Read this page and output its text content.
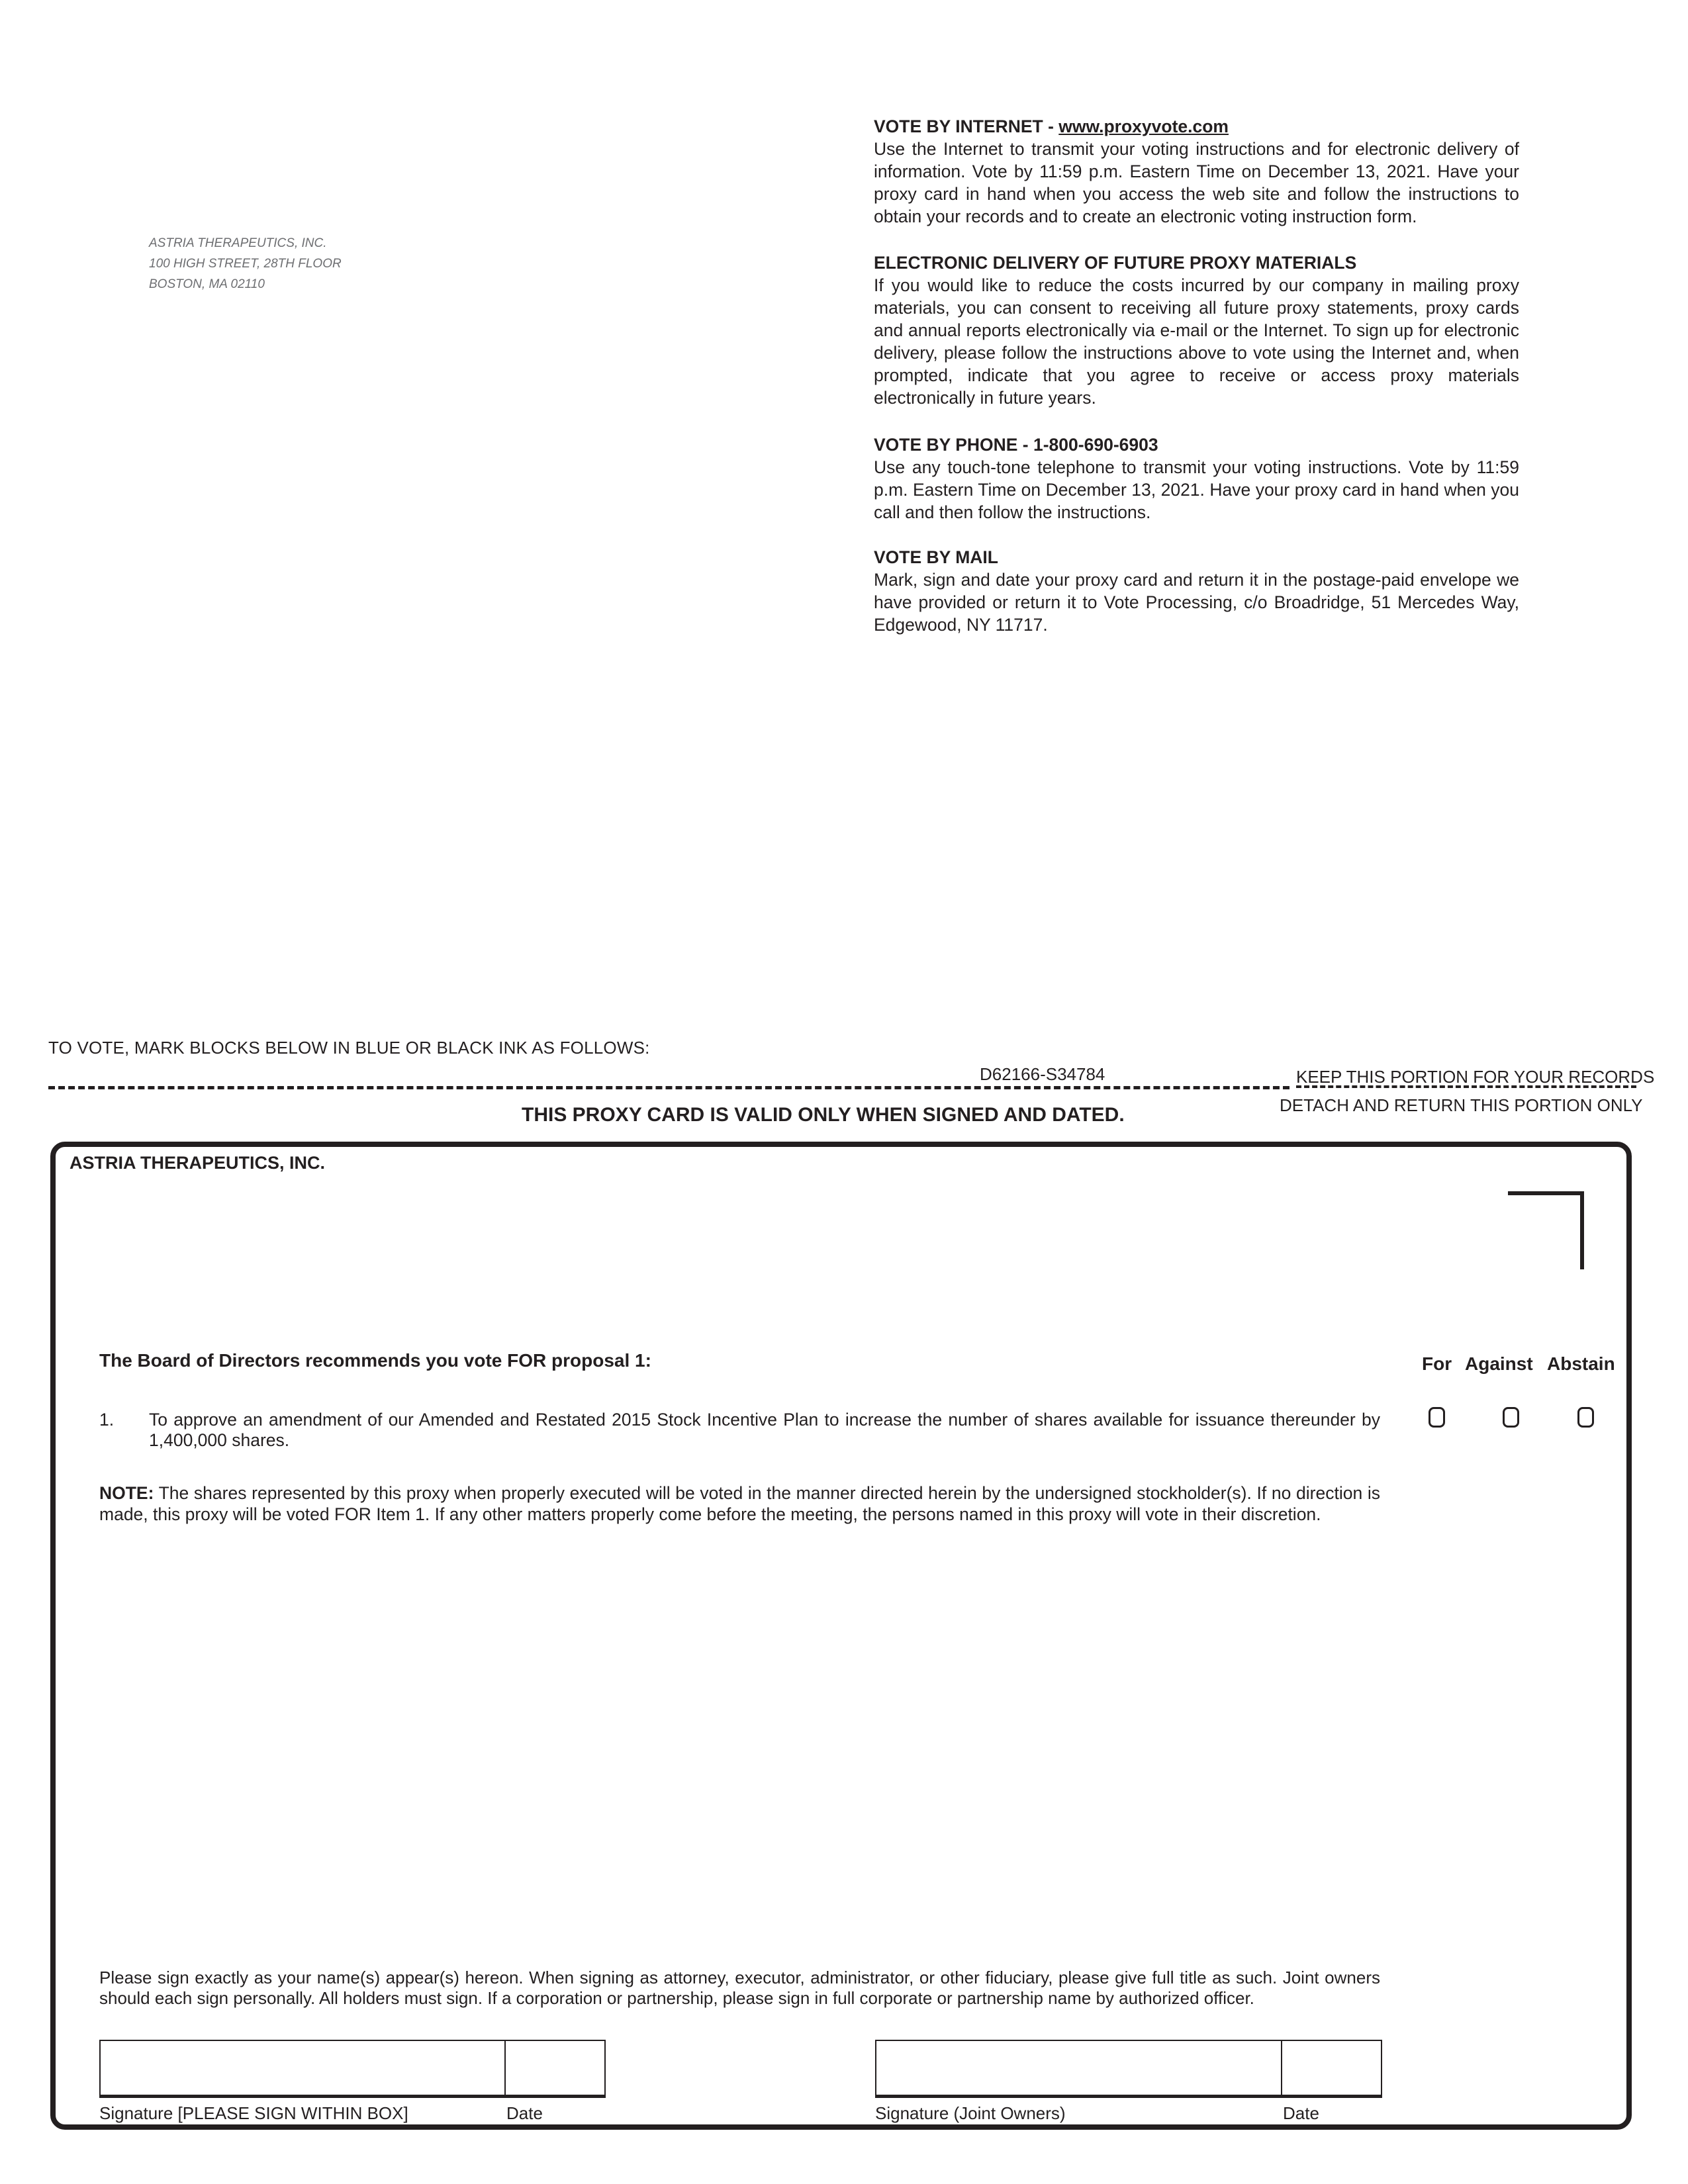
ASTRIA THERAPEUTICS, INC.
100 HIGH STREET, 28TH FLOOR
BOSTON, MA 02110
VOTE BY INTERNET - www.proxyvote.com

Use the Internet to transmit your voting instructions and for electronic delivery of information. Vote by 11:59 p.m. Eastern Time on December 13, 2021. Have your proxy card in hand when you access the web site and follow the instructions to obtain your records and to create an electronic voting instruction form.

ELECTRONIC DELIVERY OF FUTURE PROXY MATERIALS

If you would like to reduce the costs incurred by our company in mailing proxy materials, you can consent to receiving all future proxy statements, proxy cards and annual reports electronically via e-mail or the Internet. To sign up for electronic delivery, please follow the instructions above to vote using the Internet and, when prompted, indicate that you agree to receive or access proxy materials electronically in future years.

VOTE BY PHONE - 1-800-690-6903

Use any touch-tone telephone to transmit your voting instructions. Vote by 11:59 p.m. Eastern Time on December 13, 2021. Have your proxy card in hand when you call and then follow the instructions.

VOTE BY MAIL

Mark, sign and date your proxy card and return it in the postage-paid envelope we have provided or return it to Vote Processing, c/o Broadridge, 51 Mercedes Way, Edgewood, NY 11717.

TO VOTE, MARK BLOCKS BELOW IN BLUE OR BLACK INK AS FOLLOWS:
D62166-S34784	KEEP THIS PORTION FOR YOUR RECORDS
THIS PROXY CARD IS VALID ONLY WHEN SIGNED AND DATED.	DETACH AND RETURN THIS PORTION ONLY
ASTRIA THERAPEUTICS, INC.
The Board of Directors recommends you vote FOR proposal 1:	For Against Abstain
1. To approve an amendment of our Amended and Restated 2015 Stock Incentive Plan to increase the number of shares available for issuance thereunder by 1,400,000 shares.
NOTE: The shares represented by this proxy when properly executed will be voted in the manner directed herein by the undersigned stockholder(s). If no direction is made, this proxy will be voted FOR Item 1. If any other matters properly come before the meeting, the persons named in this proxy will vote in their discretion.
Please sign exactly as your name(s) appear(s) hereon. When signing as attorney, executor, administrator, or other fiduciary, please give full title as such. Joint owners should each sign personally. All holders must sign. If a corporation or partnership, please sign in full corporate or partnership name by authorized officer.
Signature [PLEASE SIGN WITHIN BOX]	Date	Signature (Joint Owners)	Date
